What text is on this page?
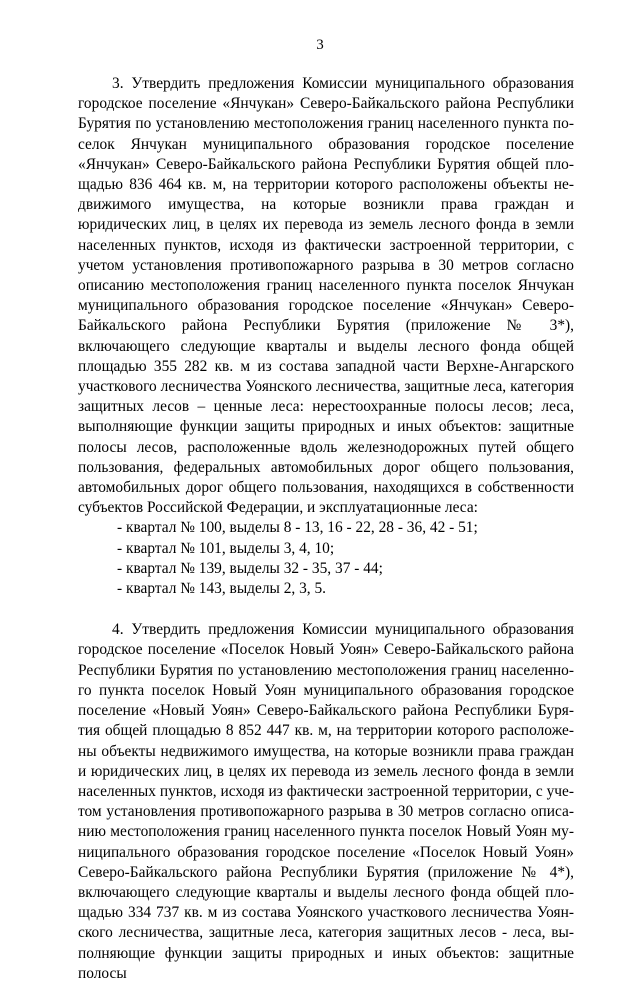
3

3. Утвердить предложения Комиссии муниципального образования городское поселение «Янчукан» Северо-Байкальского района Республики Бурятия по установлению местоположения границ населенного пункта поселок Янчукан муниципального образования городское поселение «Янчукан» Северо-Байкальского района Республики Бурятия общей площадью 836 464 кв. м, на территории которого расположены объекты недвижимого имущества, на которые возникли права граждан и юридических лиц, в целях их перевода из земель лесного фонда в земли населенных пунктов, исходя из фактически застроенной территории, с учетом установления противопожарного разрыва в 30 метров согласно описанию местоположения границ населенного пункта поселок Янчукан муниципального образования городское поселение «Янчукан» Северо-Байкальского района Республики Бурятия (приложение № 3*), включающего следующие кварталы и выделы лесного фонда общей площадью 355 282 кв. м из состава западной части Верхне-Ангарского участкового лесничества Уоянского лесничества, защитные леса, категория защитных лесов – ценные леса: нерестоохранные полосы лесов; леса, выполняющие функции защиты природных и иных объектов: защитные полосы лесов, расположенные вдоль железнодорожных путей общего пользования, федеральных автомобильных дорог общего пользования, автомобильных дорог общего пользования, находящихся в собственности субъектов Российской Федерации, и эксплуатационные леса:

- квартал № 100, выделы 8 - 13, 16 - 22, 28 - 36, 42 - 51;
- квартал № 101, выделы 3, 4, 10;
- квартал № 139, выделы 32 - 35, 37 - 44;
- квартал № 143, выделы 2, 3, 5.

4. Утвердить предложения Комиссии муниципального образования городское поселение «Поселок Новый Уоян» Северо-Байкальского района Республики Бурятия по установлению местоположения границ населенного пункта поселок Новый Уоян муниципального образования городское поселение «Новый Уоян» Северо-Байкальского района Республики Бурятия общей площадью 8 852 447 кв. м, на территории которого расположены объекты недвижимого имущества, на которые возникли права граждан и юридических лиц, в целях их перевода из земель лесного фонда в земли населенных пунктов, исходя из фактически застроенной территории, с учетом установления противопожарного разрыва в 30 метров согласно описанию местоположения границ населенного пункта поселок Новый Уоян муниципального образования городское поселение «Поселок Новый Уоян» Северо-Байкальского района Республики Бурятия (приложение № 4*), включающего следующие кварталы и выделы лесного фонда общей площадью 334 737 кв. м из состава Уоянского участкового лесничества Уоянского лесничества, защитные леса, категория защитных лесов - леса, выполняющие функции защиты природных и иных объектов: защитные полосы
